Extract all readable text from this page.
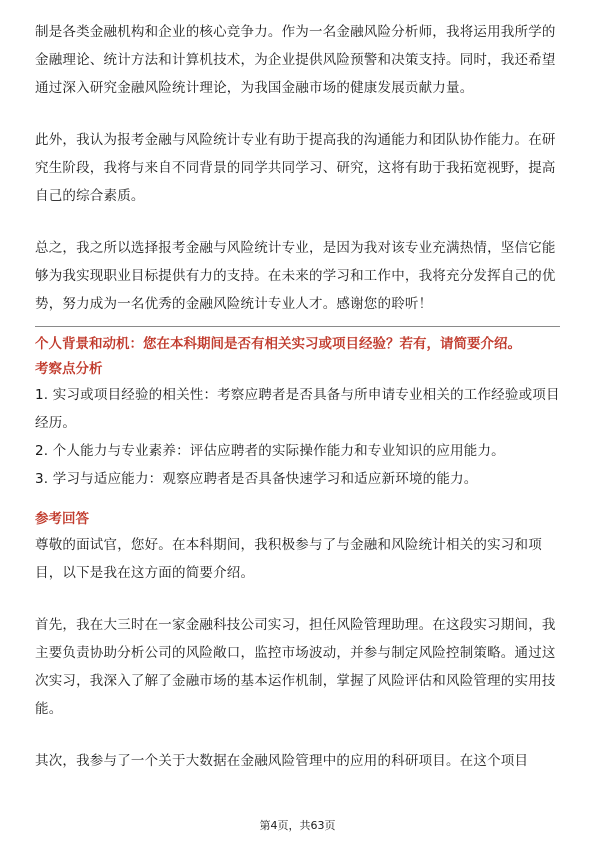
制是各类金融机构和企业的核心竞争力。作为一名金融风险分析师，我将运用我所学的金融理论、统计方法和计算机技术，为企业提供风险预警和决策支持。同时，我还希望通过深入研究金融风险统计理论，为我国金融市场的健康发展贡献力量。

此外，我认为报考金融与风险统计专业有助于提高我的沟通能力和团队协作能力。在研究生阶段，我将与来自不同背景的同学共同学习、研究，这将有助于我拓宽视野，提高自己的综合素质。

总之，我之所以选择报考金融与风险统计专业，是因为我对该专业充满热情，坚信它能够为我实现职业目标提供有力的支持。在未来的学习和工作中，我将充分发挥自己的优势，努力成为一名优秀的金融风险统计专业人才。感谢您的聆听！

个人背景和动机：您在本科期间是否有相关实习或项目经验？若有，请简要介绍。

考察点分析

1. 实习或项目经验的相关性：考察应聘者是否具备与所申请专业相关的工作经验或项目经历。

2. 个人能力与专业素养：评估应聘者的实际操作能力和专业知识的应用能力。

3. 学习与适应能力：观察应聘者是否具备快速学习和适应新环境的能力。

参考回答

尊敬的面试官，您好。在本科期间，我积极参与了与金融和风险统计相关的实习和项目，以下是我在这方面的简要介绍。

首先，我在大三时在一家金融科技公司实习，担任风险管理助理。在这段实习期间，我主要负责协助分析公司的风险敞口，监控市场波动，并参与制定风险控制策略。通过这次实习，我深入了解了金融市场的基本运作机制，掌握了风险评估和风险管理的实用技能。

其次，我参与了一个关于大数据在金融风险管理中的应用的科研项目。在这个项目

第4页，共63页
